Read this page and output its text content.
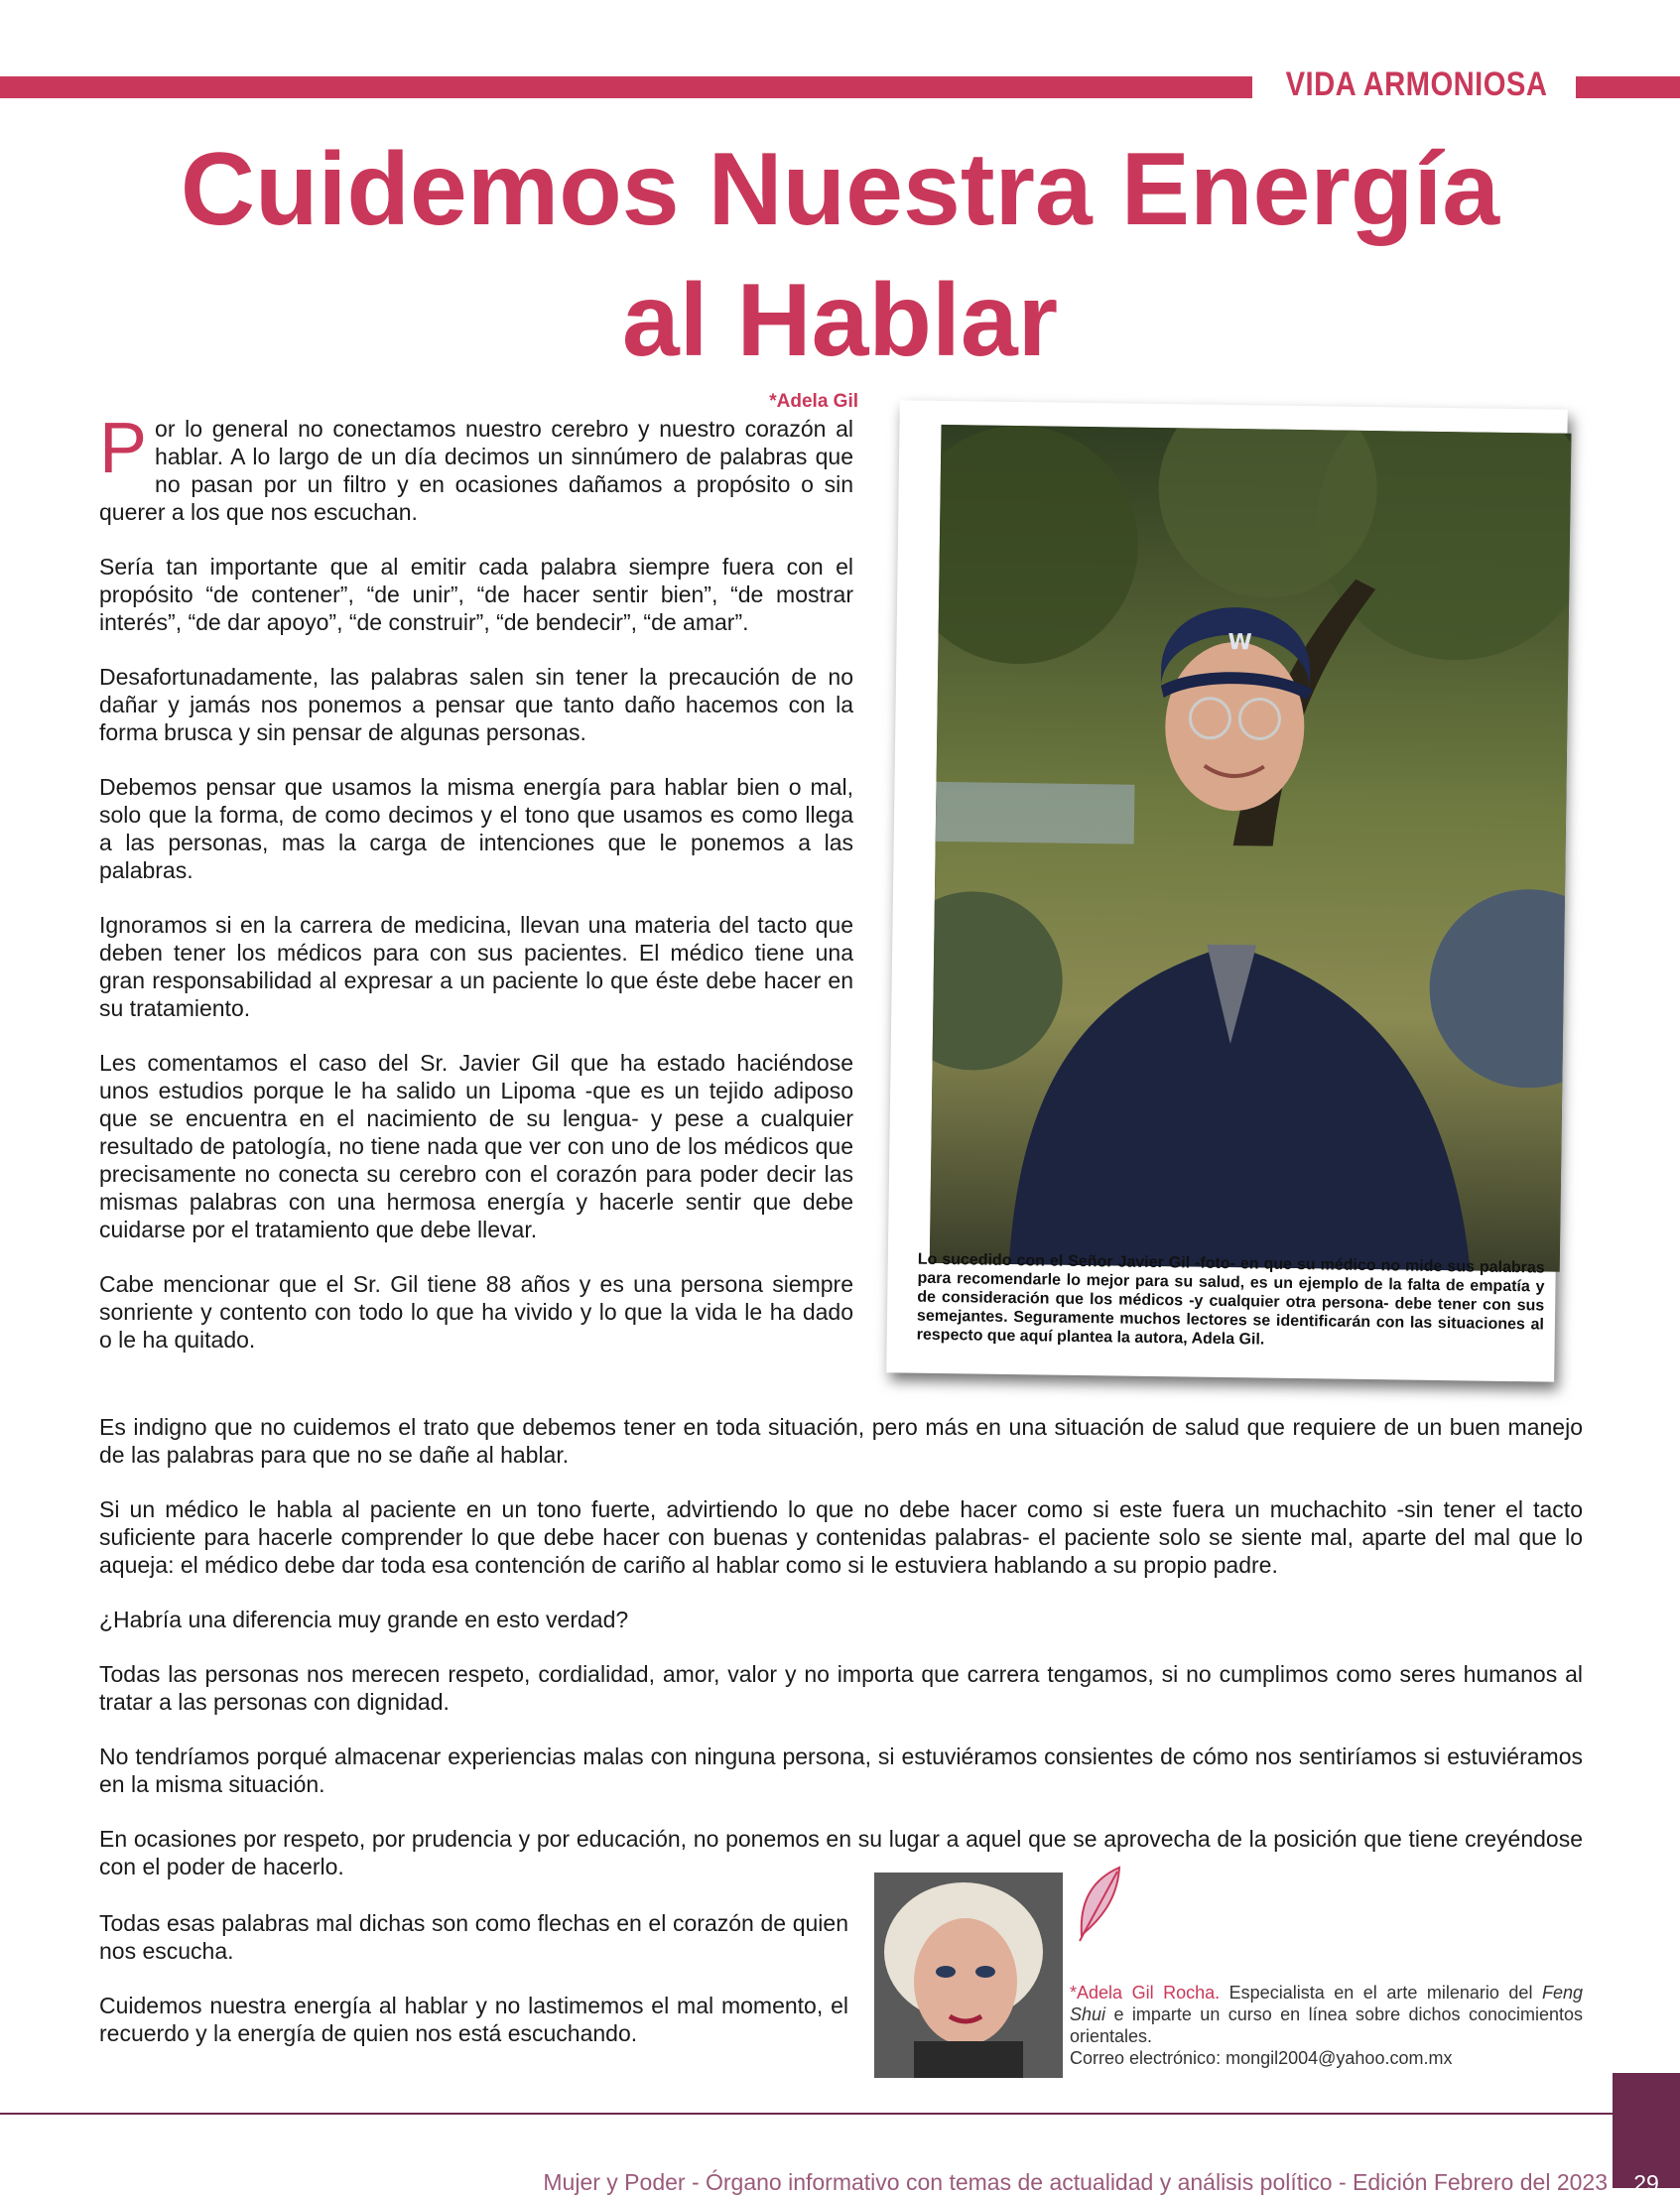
VIDA ARMONIOSA
Cuidemos Nuestra Energía
al Hablar
*Adela Gil

Por lo general no conectamos nuestro cerebro y nuestro corazón al hablar. A lo largo de un día decimos un sinnúmero de palabras que no pasan por un filtro y en ocasiones dañamos a propósito o sin querer a los que nos escuchan.

Sería tan importante que al emitir cada palabra siempre fuera con el propósito “de contener”, “de unir”, “de hacer sentir bien”, “de mostrar interés”, “de dar apoyo”, “de construir”, “de bendecir”, “de amar”.

Desafortunadamente, las palabras salen sin tener la precaución de no dañar y jamás nos ponemos a pensar que tanto daño hacemos con la forma brusca y sin pensar de algunas personas.

Debemos pensar que usamos la misma energía para hablar bien o mal, solo que la forma, de como decimos y el tono que usamos es como llega a las personas, mas la carga de intenciones que le ponemos a las palabras.

Ignoramos si en la carrera de medicina, llevan una materia del tacto que deben tener los médicos para con sus pacientes. El médico tiene una gran responsabilidad al expresar a un paciente lo que éste debe hacer en su tratamiento.

Les comentamos el caso del Sr. Javier Gil que ha estado haciéndose unos estudios porque le ha salido un Lipoma -que es un tejido adiposo que se encuentra en el nacimiento de su lengua- y pese a cualquier resultado de patología, no tiene nada que ver con uno de los médicos que precisamente no conecta su cerebro con el corazón para poder decir las mismas palabras con una hermosa energía y hacerle sentir que debe cuidarse por el tratamiento que debe llevar.

Cabe mencionar que el Sr. Gil tiene 88 años y es una persona siempre sonriente y contento con todo lo que ha vivido y lo que la vida le ha dado o le ha quitado.

W
Lo sucedido con el Señor Javier Gil -foto- en que su médico no mide sus palabras para recomendarle lo mejor para su salud, es un ejemplo de la falta de empatía y de consideración que los médicos -y cualquier otra persona- debe tener con sus semejantes. Seguramente muchos lectores se identificarán con las situaciones al respecto que aquí plantea la autora, Adela Gil.

Es indigno que no cuidemos el trato que debemos tener en toda situación, pero más en una situación de salud que requiere de un buen manejo de las palabras para que no se dañe al hablar.

Si un médico le habla al paciente en un tono fuerte, advirtiendo lo que no debe hacer como si este fuera un muchachito -sin tener el tacto suficiente para hacerle comprender lo que debe hacer con buenas y contenidas palabras- el paciente solo se siente mal, aparte del mal que lo aqueja: el médico debe dar toda esa contención de cariño al hablar como si le estuviera hablando a su propio padre.

¿Habría una diferencia muy grande en esto verdad?

Todas las personas nos merecen respeto, cordialidad, amor, valor y no importa que carrera tengamos, si no cumplimos como seres humanos al tratar a las personas con dignidad.

No tendríamos porqué almacenar experiencias malas con ninguna persona, si estuviéramos consientes de cómo nos sentiríamos si estuviéramos en la misma situación.

En ocasiones por respeto, por prudencia y por educación, no ponemos en su lugar a aquel que se aprovecha de la posición que tiene creyéndose con el poder de hacerlo.

Todas esas palabras mal dichas son como flechas en el corazón de quien nos escucha.

Cuidemos nuestra energía al hablar y no lastimemos el mal momento, el recuerdo y la energía de quien nos está escuchando.

*Adela Gil Rocha. Especialista en el arte milenario del Feng Shui e imparte un curso en línea sobre dichos conocimientos orientales.
Correo electrónico: mongil2004@yahoo.com.mx
Mujer y Poder - Órgano informativo con temas de actualidad y análisis político - Edición Febrero del 2023	29
